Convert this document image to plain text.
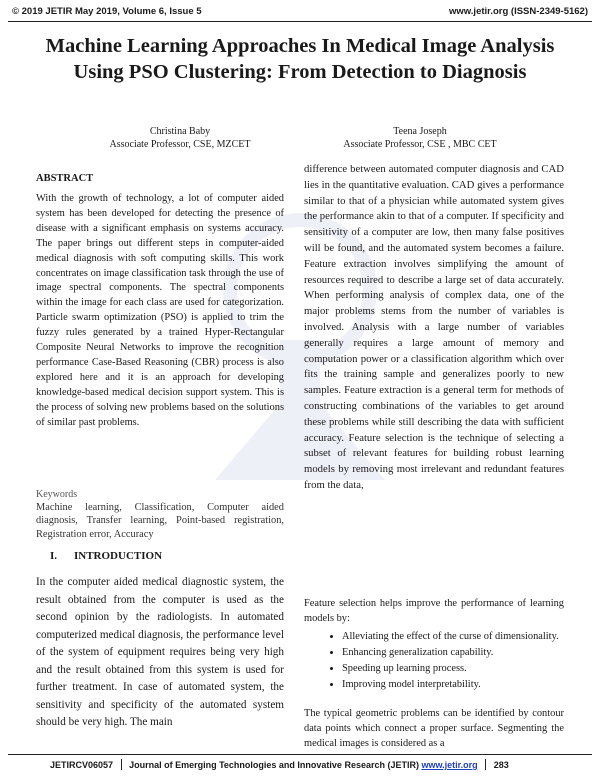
© 2019 JETIR May 2019, Volume 6, Issue 5	www.jetir.org (ISSN-2349-5162)
Machine Learning Approaches In Medical Image Analysis Using PSO Clustering: From Detection to Diagnosis
Christina Baby
Associate Professor, CSE, MZCET
Teena Joseph
Associate Professor, CSE , MBC CET
ABSTRACT
With the growth of technology, a lot of computer aided system has been developed for detecting the presence of disease with a significant emphasis on systems accuracy. The paper brings out different steps in computer-aided medical diagnosis with soft computing skills. This work concentrates on image classification task through the use of image spectral components. The spectral components within the image for each class are used for categorization. Particle swarm optimization (PSO) is applied to trim the fuzzy rules generated by a trained Hyper-Rectangular Composite Neural Networks to improve the recognition performance Case-Based Reasoning (CBR) process is also explored here and it is an approach for developing knowledge-based medical decision support system. This is the process of solving new problems based on the solutions of similar past problems.
Keywords
Machine learning, Classification, Computer aided diagnosis, Transfer learning, Point-based registration, Registration error, Accuracy
I. INTRODUCTION
In the computer aided medical diagnostic system, the result obtained from the computer is used as the second opinion by the radiologists. In automated computerized medical diagnosis, the performance level of the system of equipment requires being very high and the result obtained from this system is used for further treatment. In case of automated system, the sensitivity and specificity of the automated system should be very high. The main
difference between automated computer diagnosis and CAD lies in the quantitative evaluation. CAD gives a performance similar to that of a physician while automated system gives the performance akin to that of a computer. If specificity and sensitivity of a computer are low, then many false positives will be found, and the automated system becomes a failure. Feature extraction involves simplifying the amount of resources required to describe a large set of data accurately. When performing analysis of complex data, one of the major problems stems from the number of variables is involved. Analysis with a large number of variables generally requires a large amount of memory and computation power or a classification algorithm which over fits the training sample and generalizes poorly to new samples. Feature extraction is a general term for methods of constructing combinations of the variables to get around these problems while still describing the data with sufficient accuracy. Feature selection is the technique of selecting a subset of relevant features for building robust learning models by removing most irrelevant and redundant features from the data,

Feature selection helps improve the performance of learning models by:

• Alleviating the effect of the curse of dimensionality.
• Enhancing generalization capability.
• Speeding up learning process.
• Improving model interpretability.
The typical geometric problems can be identified by contour data points which connect a proper surface. Segmenting the medical images is considered as a
JETIRCV06057 Journal of Emerging Technologies and Innovative Research (JETIR) www.jetir.org 283
